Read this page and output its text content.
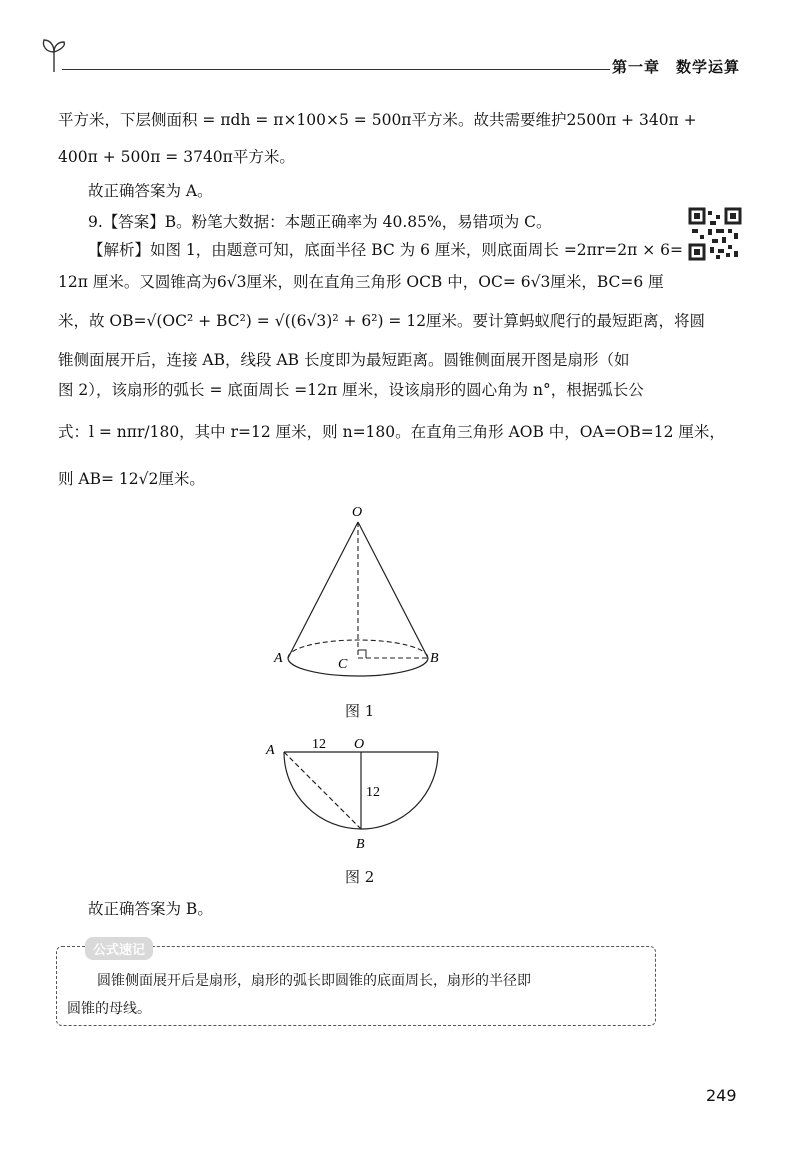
第一章　数学运算
平方米，下层侧面积 = πdh = π×100×5 = 500π平方米。故共需要维护2500π + 340π +
400π + 500π = 3740π平方米。
故正确答案为 A。
9.【答案】B。粉笔大数据：本题正确率为 40.85%，易错项为 C。
【解析】如图 1，由题意可知，底面半径 BC 为 6 厘米，则底面周长 =2πr=2π × 6=
12π 厘米。又圆锥高为6√3厘米，则在直角三角形 OCB 中，OC= 6√3厘米，BC=6 厘
米，故 OB=√(OC² + BC²) = √((6√3)² + 6²) = 12厘米。要计算蚂蚁爬行的最短距离，将圆
锥侧面展开后，连接 AB，线段 AB 长度即为最短距离。圆锥侧面展开图是扇形（如
图 2），该扇形的弧长 = 底面周长 =12π 厘米，设该扇形的圆心角为 n°，根据弧长公
式：l = nπr/180，其中 r=12 厘米，则 n=180。在直角三角形 AOB 中，OA=OB=12 厘米，
则 AB= 12√2厘米。
O
A	B
C
图 1
A	O
B
12
12
图 2
故正确答案为 B。
公式速记
圆锥侧面展开后是扇形，扇形的弧长即圆锥的底面周长，扇形的半径即
圆锥的母线。
249
